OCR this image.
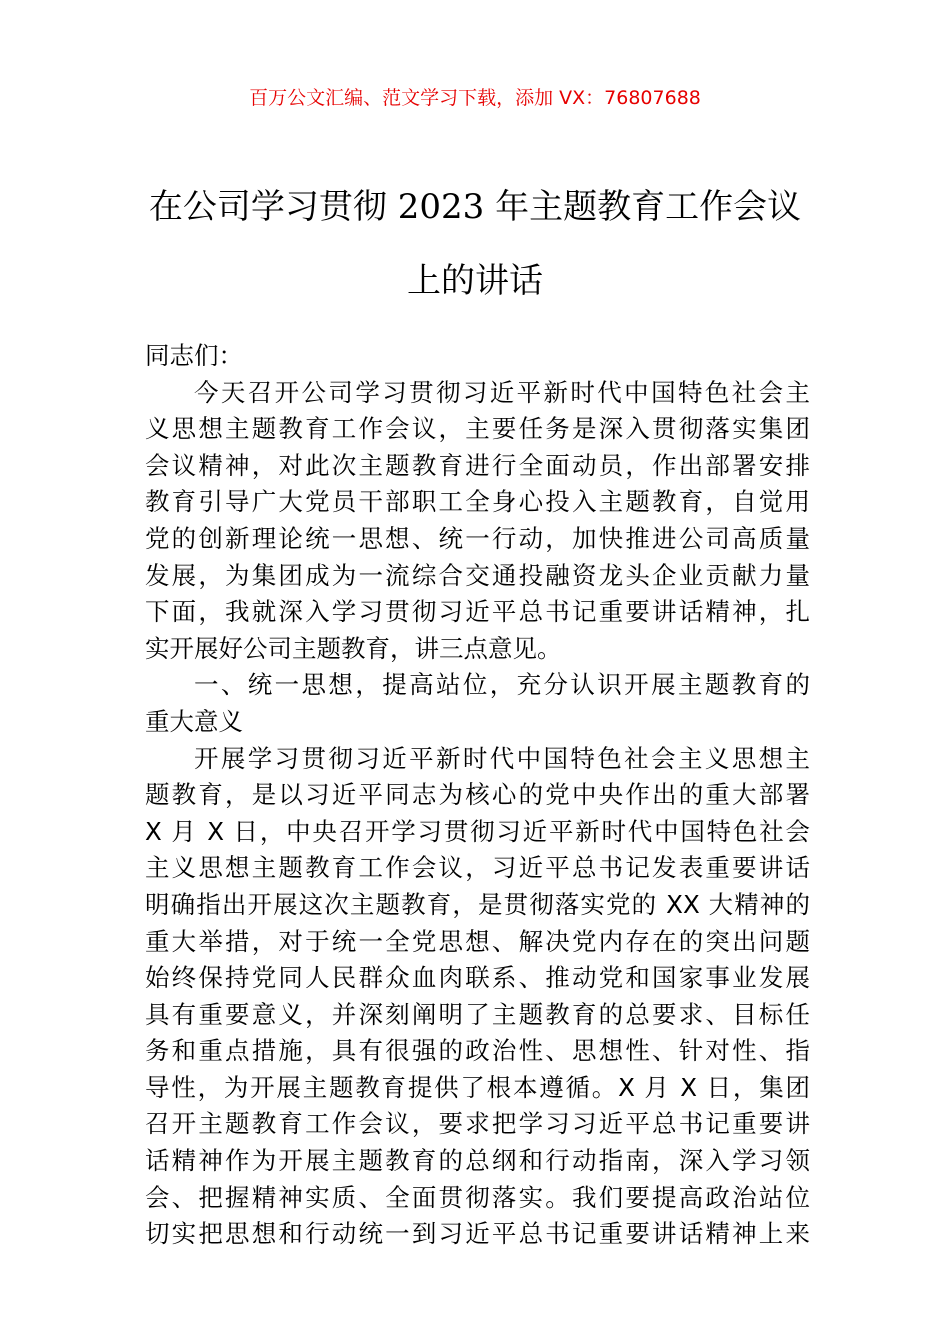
百万公文汇编、范文学习下载，添加 VX：76807688
在公司学习贯彻 2023 年主题教育工作会议
上的讲话
同志们：
今天召开公司学习贯彻习近平新时代中国特色社会主
义思想主题教育工作会议，主要任务是深入贯彻落实集团
会议精神，对此次主题教育进行全面动员，作出部署安排
教育引导广大党员干部职工全身心投入主题教育，自觉用
党的创新理论统一思想、统一行动，加快推进公司高质量
发展，为集团成为一流综合交通投融资龙头企业贡献力量
下面，我就深入学习贯彻习近平总书记重要讲话精神，扎
实开展好公司主题教育，讲三点意见。
一、统一思想，提高站位，充分认识开展主题教育的
重大意义
开展学习贯彻习近平新时代中国特色社会主义思想主
题教育，是以习近平同志为核心的党中央作出的重大部署
X 月 X 日，中央召开学习贯彻习近平新时代中国特色社会
主义思想主题教育工作会议，习近平总书记发表重要讲话
明确指出开展这次主题教育，是贯彻落实党的 XX 大精神的
重大举措，对于统一全党思想、解决党内存在的突出问题
始终保持党同人民群众血肉联系、推动党和国家事业发展
具有重要意义，并深刻阐明了主题教育的总要求、目标任
务和重点措施，具有很强的政治性、思想性、针对性、指
导性，为开展主题教育提供了根本遵循。X 月 X 日，集团
召开主题教育工作会议，要求把学习习近平总书记重要讲
话精神作为开展主题教育的总纲和行动指南，深入学习领
会、把握精神实质、全面贯彻落实。我们要提高政治站位
切实把思想和行动统一到习近平总书记重要讲话精神上来
